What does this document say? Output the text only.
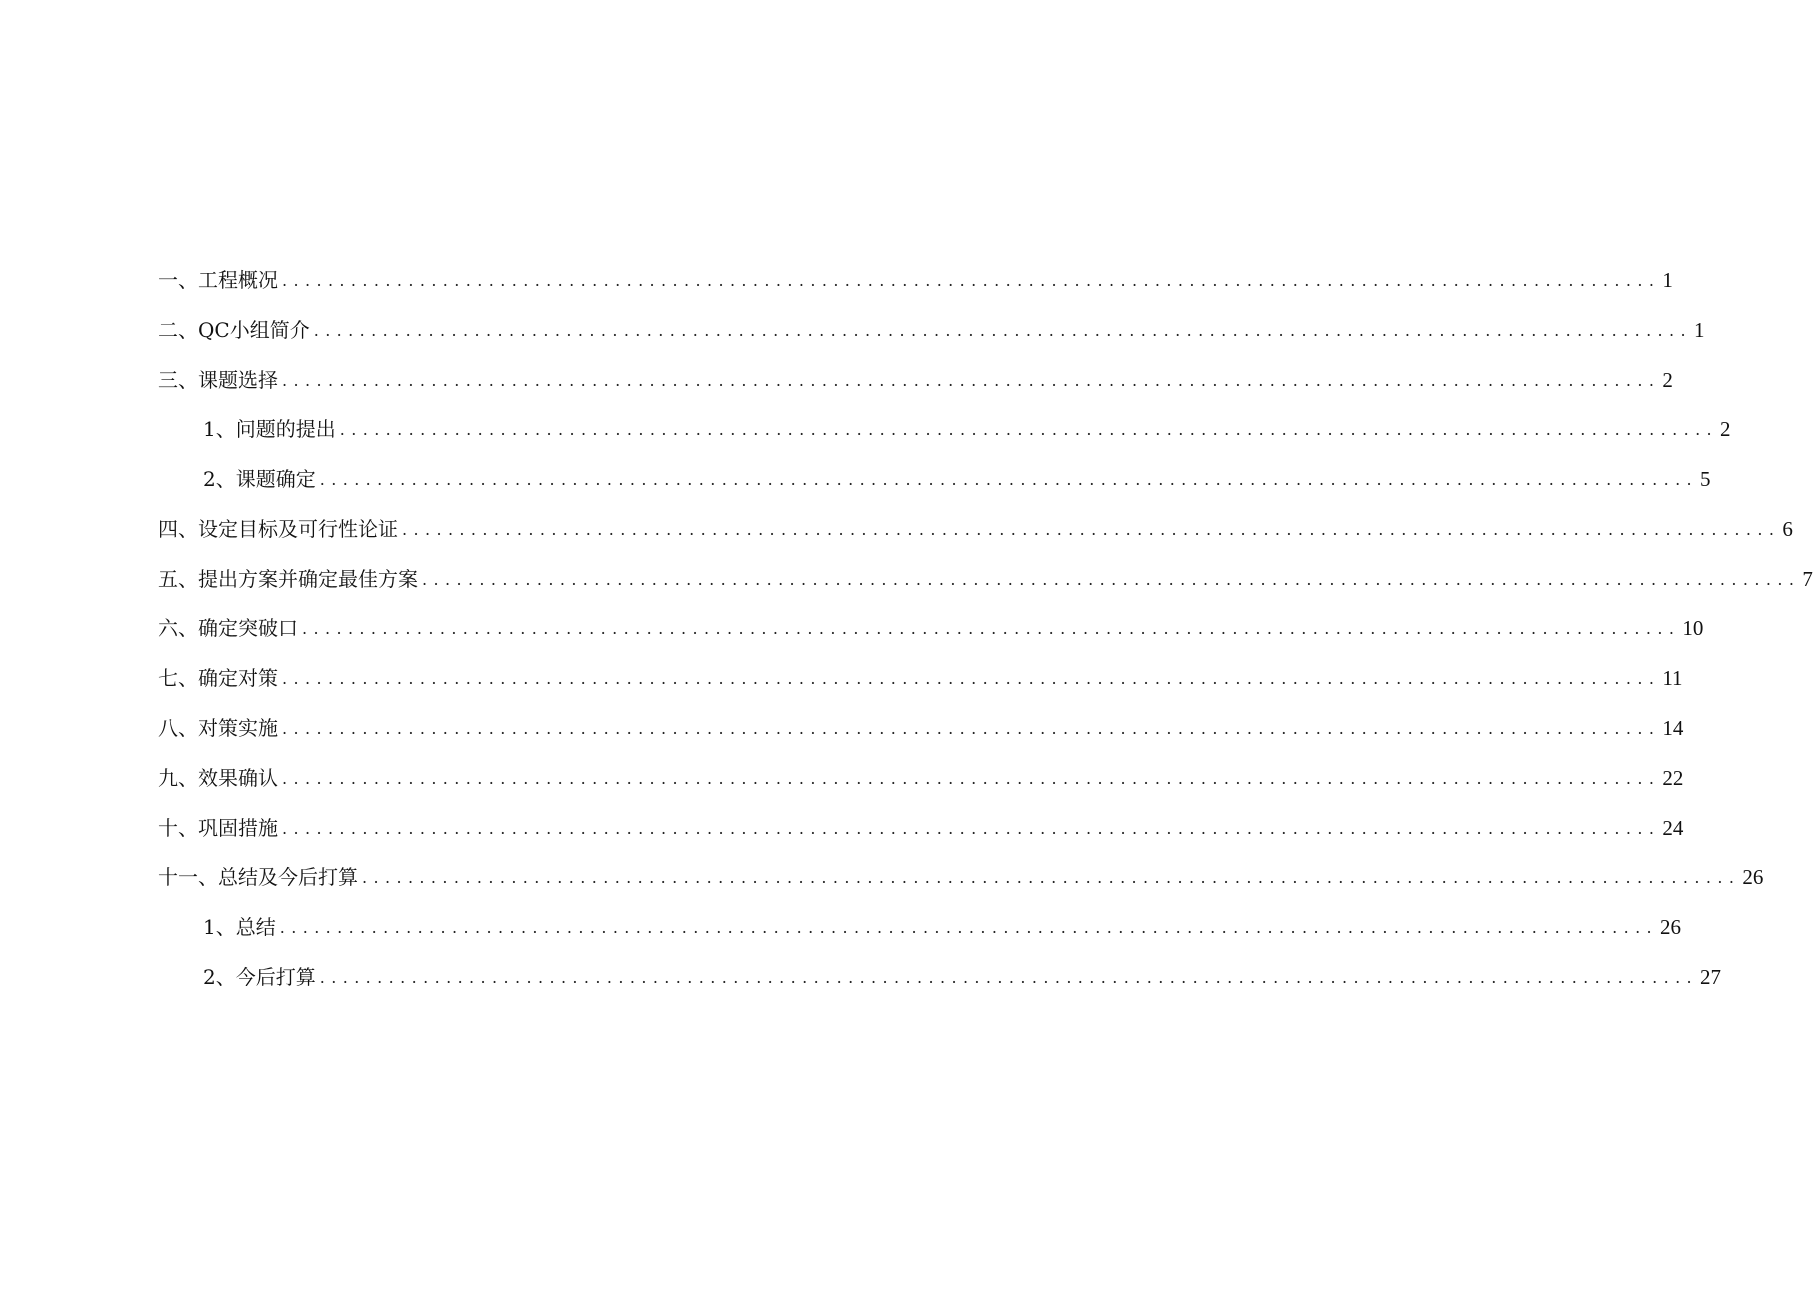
一、工程概况 ........................................................................................................................ 1
二、QC小组简介 ........................................................................................................................ 1
三、课题选择 ........................................................................................................................ 2
1、问题的提出 ........................................................................................................................ 2
2、课题确定 ........................................................................................................................ 5
四、设定目标及可行性论证 ........................................................................................................................ 6
五、提出方案并确定最佳方案 ........................................................................................................................ 7
六、确定突破口 ........................................................................................................................ 10
七、确定对策 ........................................................................................................................ 11
八、对策实施 ........................................................................................................................ 14
九、效果确认 ........................................................................................................................ 22
十、巩固措施 ........................................................................................................................ 24
十一、总结及今后打算 ........................................................................................................................ 26
1、总结 ........................................................................................................................ 26
2、今后打算 ........................................................................................................................ 27
